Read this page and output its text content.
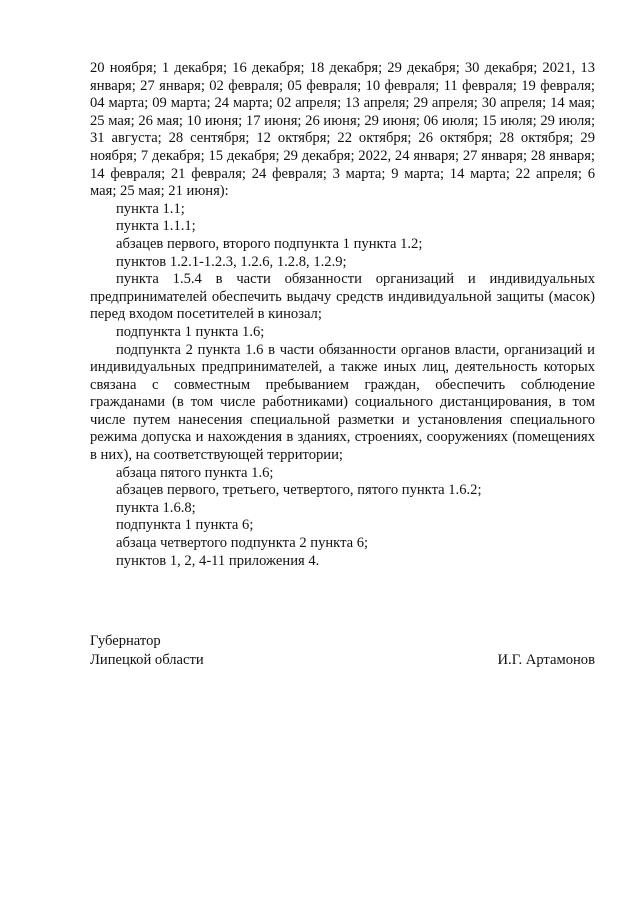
20 ноября; 1 декабря; 16 декабря; 18 декабря; 29 декабря; 30 декабря; 2021, 13 января; 27 января; 02 февраля; 05 февраля; 10 февраля; 11 февраля; 19 февраля; 04 марта; 09 марта; 24 марта; 02 апреля; 13 апреля; 29 апреля; 30 апреля; 14 мая; 25 мая; 26 мая; 10 июня; 17 июня; 26 июня; 29 июня; 06 июля; 15 июля; 29 июля; 31 августа; 28 сентября; 12 октября; 22 октября; 26 октября; 28 октября; 29 ноября; 7 декабря; 15 декабря; 29 декабря; 2022, 24 января; 27 января; 28 января; 14 февраля; 21 февраля; 24 февраля; 3 марта; 9 марта; 14 марта; 22 апреля; 6 мая; 25 мая; 21 июня):

пункта 1.1;

пункта 1.1.1;

абзацев первого, второго подпункта 1 пункта 1.2;

пунктов 1.2.1-1.2.3, 1.2.6, 1.2.8, 1.2.9;

пункта 1.5.4 в части обязанности организаций и индивидуальных предпринимателей обеспечить выдачу средств индивидуальной защиты (масок) перед входом посетителей в кинозал;

подпункта 1 пункта 1.6;

подпункта 2 пункта 1.6 в части обязанности органов власти, организаций и индивидуальных предпринимателей, а также иных лиц, деятельность которых связана с совместным пребыванием граждан, обеспечить соблюдение гражданами (в том числе работниками) социального дистанцирования, в том числе путем нанесения специальной разметки и установления специального режима допуска и нахождения в зданиях, строениях, сооружениях (помещениях в них), на соответствующей территории;

абзаца пятого пункта 1.6;

абзацев первого, третьего, четвертого, пятого пункта 1.6.2;

пункта 1.6.8;

подпункта 1 пункта 6;

абзаца четвертого подпункта 2 пункта 6;

пунктов 1, 2, 4-11 приложения 4.

Губернатор
Липецкой области	И.Г. Артамонов
